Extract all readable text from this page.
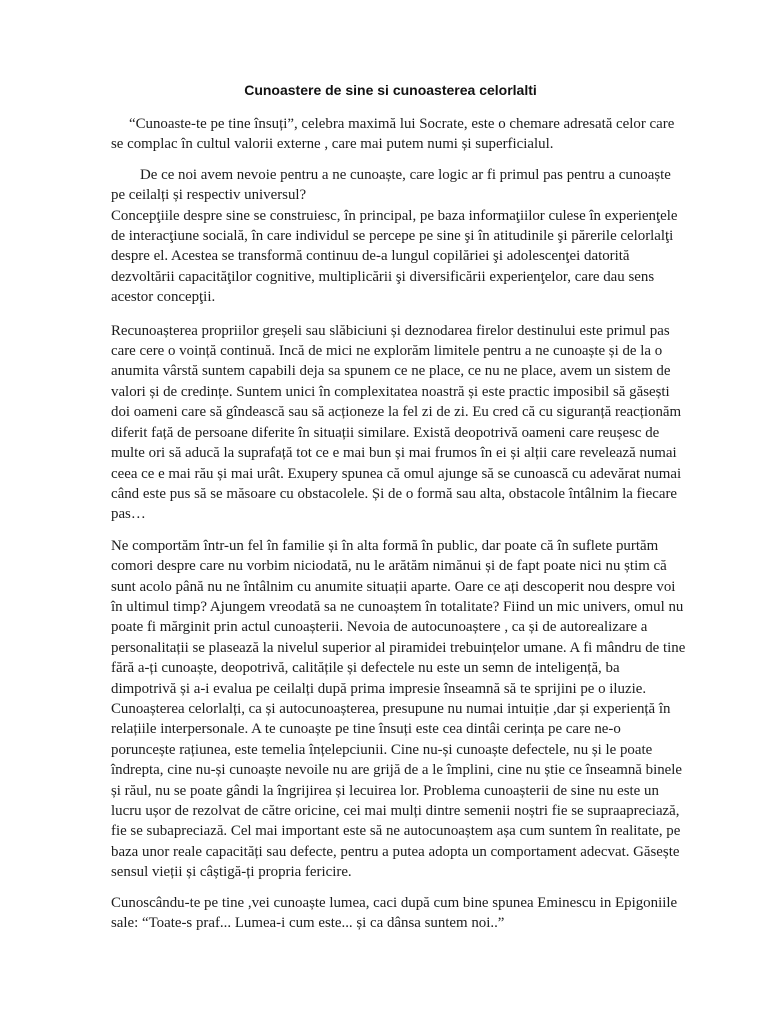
Cunoastere de sine si cunoasterea celorlalti

“Cunoaste-te pe tine însuți”, celebra maximă lui Socrate, este o chemare adresată celor care se complac în cultul valorii externe , care mai putem numi și superficialul.

De ce noi avem nevoie pentru a ne cunoaște, care logic ar fi primul pas pentru a cunoaște pe ceilalți și respectiv universul?

Concepţiile despre sine se construiesc, în principal, pe baza informaţiilor culese în experienţele de interacţiune socială, în care individul se percepe pe sine şi în atitudinile şi părerile celorlalţi despre el. Acestea se transformă continuu de-a lungul copilăriei şi adolescenţei datorită dezvoltării capacităţilor cognitive, multiplicării şi diversificării experienţelor, care dau sens acestor concepţii.

Recunoașterea propriilor greșeli sau slăbiciuni și deznodarea firelor destinului este primul pas care cere o voință continuă. Incă de mici ne explorăm limitele pentru a ne cunoaște și de la o anumita vârstă suntem capabili deja sa spunem ce ne place, ce nu ne place, avem un sistem de valori și de credințe. Suntem unici în complexitatea noastră și este practic imposibil să găsești doi oameni care să gîndească sau să acționeze la fel zi de zi. Eu cred că cu siguranță reacționăm diferit față de persoane diferite în situații similare. Există deopotrivă oameni care reușesc de multe ori să aducă la suprafață tot ce e mai bun și mai frumos în ei și alții care revelează numai ceea ce e mai rău și mai urât. Exupery spunea că omul ajunge să se cunoască cu adevărat numai când este pus să se măsoare cu obstacolele. Și de o formă sau alta, obstacole întâlnim la fiecare pas…

Ne comportăm într-un fel în familie și în alta formă în public, dar poate că în suflete purtăm comori despre care nu vorbim niciodată, nu le arătăm nimănui și de fapt poate nici nu știm că sunt acolo până nu ne întâlnim cu anumite situații aparte. Oare ce ați descoperit nou despre voi în ultimul timp? Ajungem vreodată sa ne cunoaștem în totalitate? Fiind un mic univers, omul nu poate fi mărginit prin actul cunoașterii. Nevoia de autocunoaștere , ca și de autorealizare a personalitații se plasează la nivelul superior al piramidei trebuințelor umane. A fi mândru de tine fără a-ți cunoaște, deopotrivă, calitățile și defectele nu este un semn de inteligență, ba dimpotrivă și a-i evalua pe ceilalți după prima impresie înseamnă să te sprijini pe o iluzie. Cunoașterea celorlalți, ca și autocunoașterea, presupune nu numai intuiție ,dar și experiență în relațiile interpersonale. A te cunoaște pe tine însuți este cea dintâi cerința pe care ne-o poruncește rațiunea, este temelia înțelepciunii. Cine nu-și cunoaște defectele, nu și le poate îndrepta, cine nu-și cunoaște nevoile nu are grijă de a le împlini, cine nu știe ce înseamnă binele și răul, nu se poate gândi la îngrijirea și lecuirea lor. Problema cunoașterii de sine nu este un lucru ușor de rezolvat de către oricine, cei mai mulți dintre semenii noștri fie se supraapreciază, fie se subapreciază. Cel mai important este să ne autocunoaștem așa cum suntem în realitate, pe baza unor reale capacități sau defecte, pentru a putea adopta un comportament adecvat. Găsește sensul vieții și câștigă-ți propria fericire.

Cunoscându-te pe tine ,vei cunoaște lumea, caci după cum bine spunea Eminescu in Epigoniile sale: “Toate-s praf... Lumea-i cum este... și ca dânsa suntem noi..”
